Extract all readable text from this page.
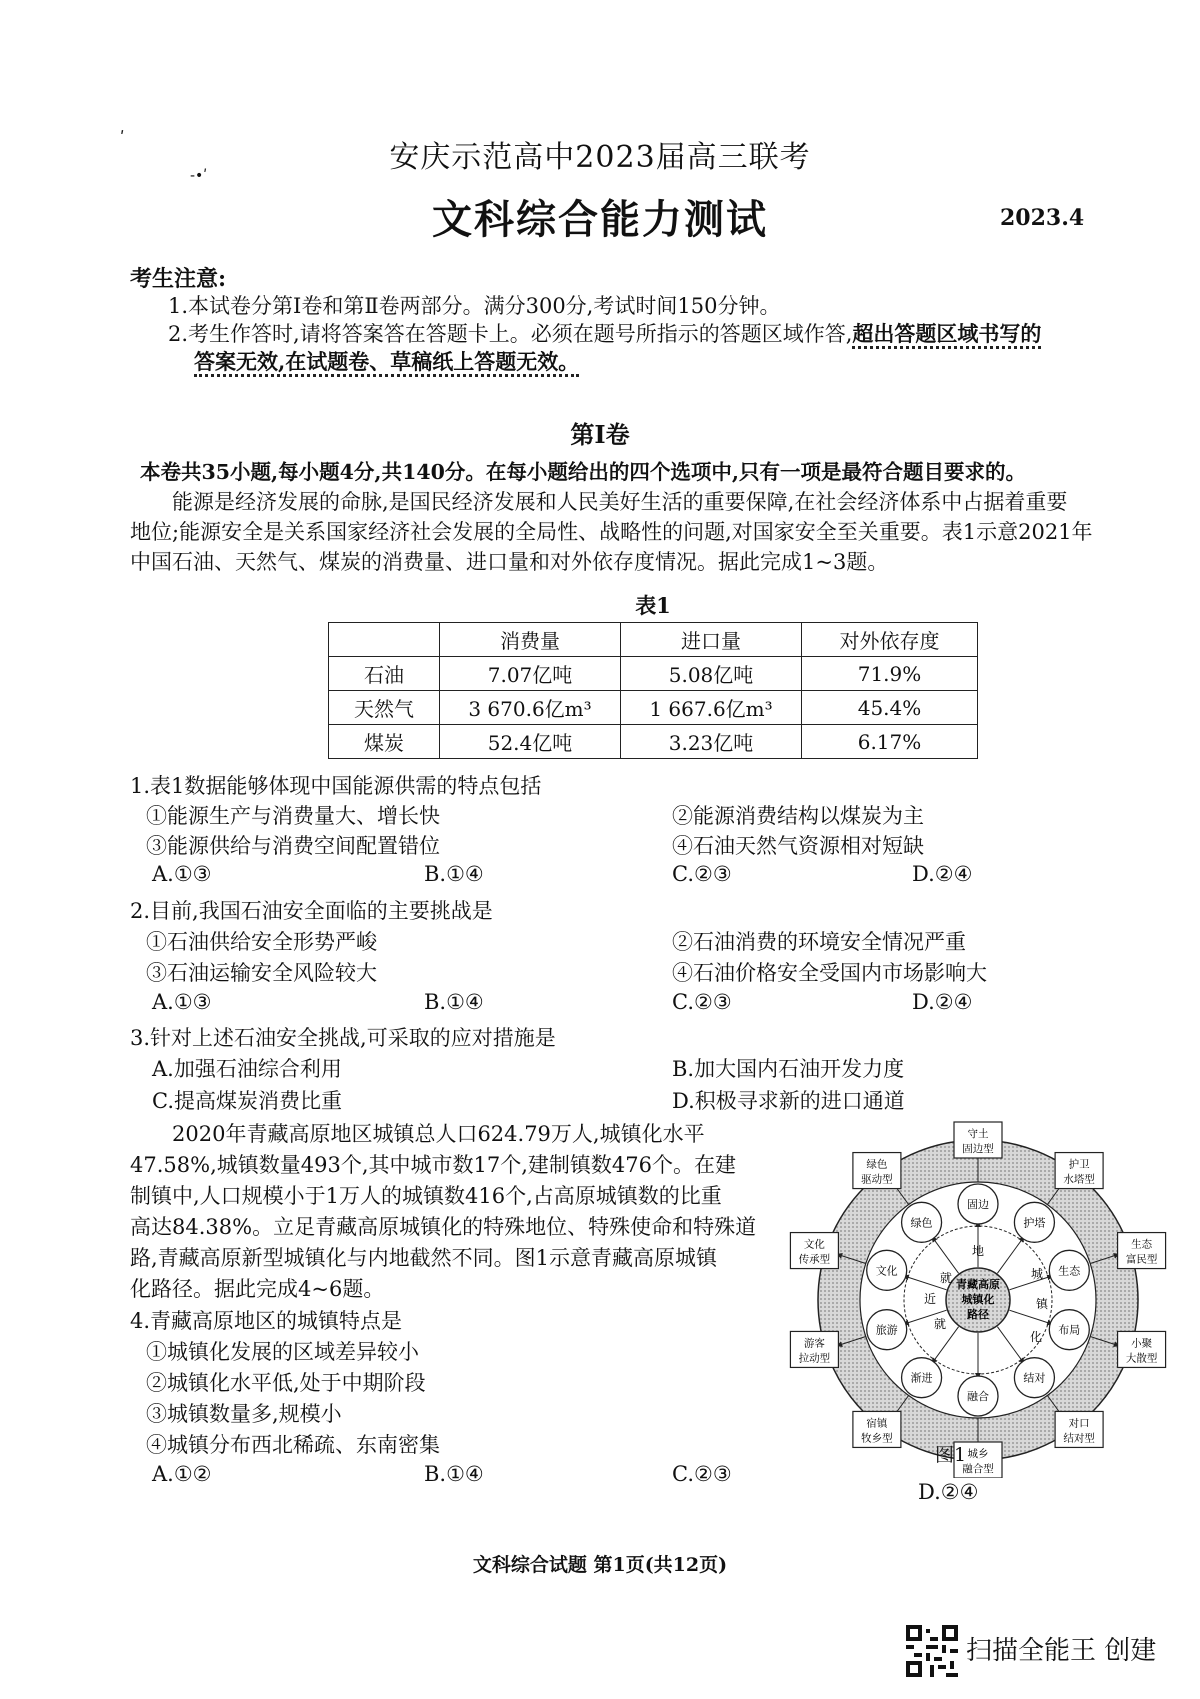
ʹ
-•ʹ
安庆示范高中2023届高三联考
文科综合能力测试	2023.4
考生注意:
1.本试卷分第Ⅰ卷和第Ⅱ卷两部分。满分300分,考试时间150分钟。
2.考生作答时,请将答案答在答题卡上。必须在题号所指示的答题区域作答,超出答题区域书写的
答案无效,在试题卷、草稿纸上答题无效。
第Ⅰ卷
本卷共35小题,每小题4分,共140分。在每小题给出的四个选项中,只有一项是最符合题目要求的。
能源是经济发展的命脉,是国民经济发展和人民美好生活的重要保障,在社会经济体系中占据着重要
地位;能源安全是关系国家经济社会发展的全局性、战略性的问题,对国家安全至关重要。表1示意2021年
中国石油、天然气、煤炭的消费量、进口量和对外依存度情况。据此完成1~3题。
表1
	消费量	进口量	对外依存度
石油	7.07亿吨	5.08亿吨	71.9%
天然气	3 670.6亿m³	1 667.6亿m³	45.4%
煤炭	52.4亿吨	3.23亿吨	6.17%
1.表1数据能够体现中国能源供需的特点包括
①能源生产与消费量大、增长快	②能源消费结构以煤炭为主
③能源供给与消费空间配置错位	④石油天然气资源相对短缺
A.①③	B.①④	C.②③	D.②④
2.目前,我国石油安全面临的主要挑战是
①石油供给安全形势严峻	②石油消费的环境安全情况严重
③石油运输安全风险较大	④石油价格安全受国内市场影响大
A.①③	B.①④	C.②③	D.②④
3.针对上述石油安全挑战,可采取的应对措施是
A.加强石油综合利用	B.加大国内石油开发力度
C.提高煤炭消费比重	D.积极寻求新的进口通道
2020年青藏高原地区城镇总人口624.79万人,城镇化水平
47.58%,城镇数量493个,其中城市数17个,建制镇数476个。在建
制镇中,人口规模小于1万人的城镇数416个,占高原城镇数的比重
高达84.38%。立足青藏高原城镇化的特殊地位、特殊使命和特殊道
路,青藏高原新型城镇化与内地截然不同。图1示意青藏高原城镇
化路径。据此完成4~6题。
4.青藏高原地区的城镇特点是
①城镇化发展的区域差异较小
②城镇化水平低,处于中期阶段
③城镇数量多,规模小
④城镇分布西北稀疏、东南密集
A.①②	B.①④	C.②③
D.②④
青藏高原
城镇化
路径
地
城
镇
化
就
近
就
固边
护塔
生态
布局
结对
融合
渐进
旅游
文化
绿色
守土
固边型
护卫
水塔型
生态
富民型
小聚
大散型
对口
结对型
城乡
融合型
宿镇
牧乡型
游客
拉动型
文化
传承型
绿色
驱动型
图1
文科综合试题 第1页(共12页)
扫描全能王 创建
